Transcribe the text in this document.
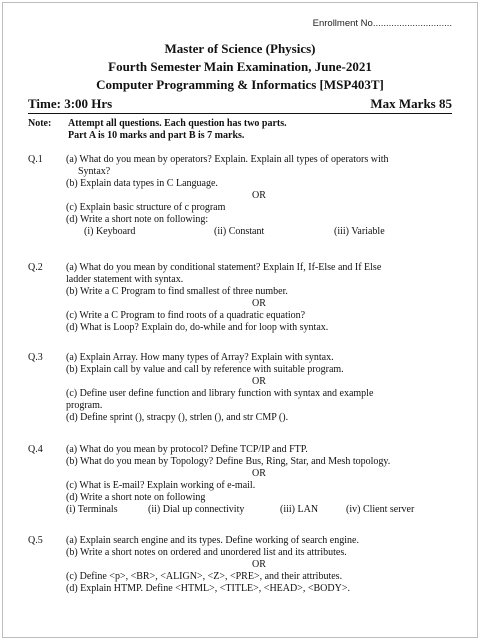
Enrollment No..............................
Master of Science (Physics)
Fourth Semester Main Examination, June-2021
Computer Programming & Informatics [MSP403T]
Time: 3:00 Hrs	Max Marks 85
Note:	Attempt all questions. Each question has two parts.
Part A is 10 marks and part B is 7 marks.
Q.1	(a) What do you mean by operators? Explain. Explain all types of operators with
Syntax?
(b) Explain data types in C Language.
OR
(c) Explain basic structure of c program
(d) Write a short note on following:
(i) Keyboard	(ii) Constant	(iii) Variable
Q.2	(a) What do you mean by conditional statement? Explain If, If-Else and If Else
ladder statement with syntax.
(b) Write a C Program to find smallest of three number.
OR
(c) Write a C Program to find roots of a quadratic equation?
(d) What is Loop? Explain do, do-while and for loop with syntax.
Q.3	(a) Explain Array. How many types of Array? Explain with syntax.
(b) Explain call by value and call by reference with suitable program.
OR
(c) Define user define function and library function with syntax and example
program.
(d) Define sprint (), stracpy (), strlen (), and str CMP ().
Q.4	(a) What do you mean by protocol? Define TCP/IP and FTP.
(b) What do you mean by Topology? Define Bus, Ring, Star, and Mesh topology.
OR
(c) What is E-mail? Explain working of e-mail.
(d) Write a short note on following
(i) Terminals	(ii) Dial up connectivity	(iii) LAN	(iv) Client server
Q.5	(a) Explain search engine and its types. Define working of search engine.
(b) Write a short notes on ordered and unordered list and its attributes.
OR
(c) Define <p>, <BR>, <ALIGN>, <Z>, <PRE>, and their attributes.
(d) Explain HTMP. Define <HTML>, <TITLE>, <HEAD>, <BODY>.
